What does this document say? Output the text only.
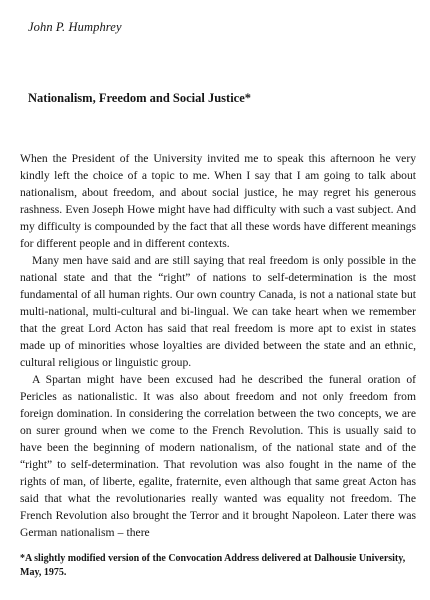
John P. Humphrey
Nationalism, Freedom and Social Justice*

When the President of the University invited me to speak this afternoon he very kindly left the choice of a topic to me. When I say that I am going to talk about nationalism, about freedom, and about social justice, he may regret his generous rashness. Even Joseph Howe might have had difficulty with such a vast subject. And my difficulty is compounded by the fact that all these words have different meanings for different people and in different contexts.

Many men have said and are still saying that real freedom is only possible in the national state and that the “right” of nations to self-determination is the most fundamental of all human rights. Our own country Canada, is not a national state but multi-national, multi-cultural and bi-lingual. We can take heart when we remember that the great Lord Acton has said that real freedom is more apt to exist in states made up of minorities whose loyalties are divided between the state and an ethnic, cultural religious or linguistic group.

A Spartan might have been excused had he described the funeral oration of Pericles as nationalistic. It was also about freedom and not only freedom from foreign domination. In considering the correlation between the two concepts, we are on surer ground when we come to the French Revolution. This is usually said to have been the beginning of modern nationalism, of the national state and of the “right” to self-determination. That revolution was also fought in the name of the rights of man, of liberte, egalite, fraternite, even although that same great Acton has said that what the revolutionaries really wanted was equality not freedom. The French Revolution also brought the Terror and it brought Napoleon. Later there was German nationalism – there

*A slightly modified version of the Convocation Address delivered at Dalhousie University, May, 1975.
